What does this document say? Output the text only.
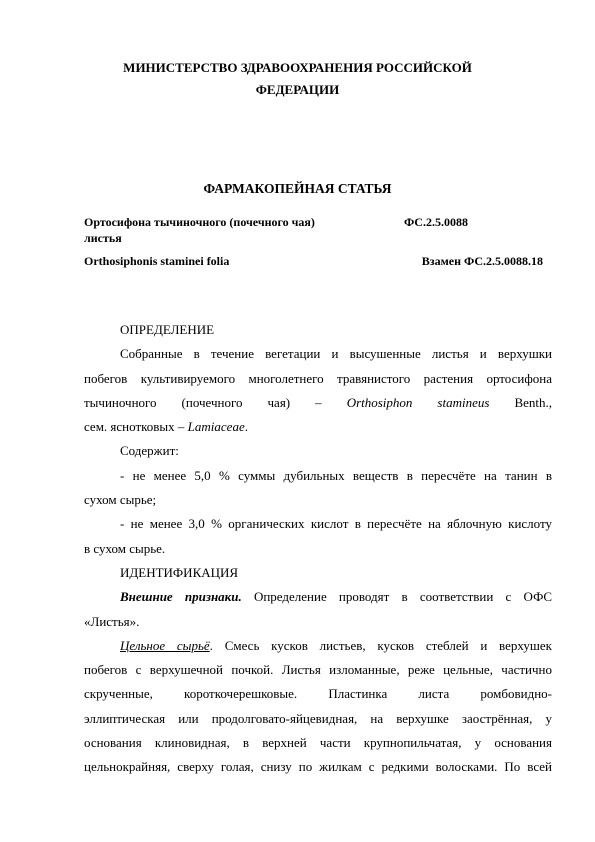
МИНИСТЕРСТВО ЗДРАВООХРАНЕНИЯ РОССИЙСКОЙ
ФЕДЕРАЦИИ
ФАРМАКОПЕЙНАЯ СТАТЬЯ
Ортосифона тычиночного (почечного чая)
листья
ФС.2.5.0088
Orthosiphonis staminei folia	Взамен ФС.2.5.0088.18

ОПРЕДЕЛЕНИЕ

Собранные в течение вегетации и высушенные листья и верхушки

побегов культивируемого многолетнего травянистого растения ортосифона

тычиночного (почечного чая) – Orthosiphon stamineus Benth.,

сем. яснотковых – Lamiaceae.

Содержит:

- не менее 5,0 % суммы дубильных веществ в пересчёте на танин в

сухом сырье;

- не менее 3,0 % органических кислот в пересчёте на яблочную кислоту

в сухом сырье.

ИДЕНТИФИКАЦИЯ

Внешние признаки. Определение проводят в соответствии с ОФС

«Листья».

Цельное сырьё. Смесь кусков листьев, кусков стеблей и верхушек

побегов с верхушечной почкой. Листья изломанные, реже цельные, частично

скрученные, короткочерешковые. Пластинка листа ромбовидно-

эллиптическая или продолговато-яйцевидная, на верхушке заострённая, у

основания клиновидная, в верхней части крупнопильчатая, у основания

цельнокрайняя, сверху голая, снизу по жилкам с редкими волосками. По всей
